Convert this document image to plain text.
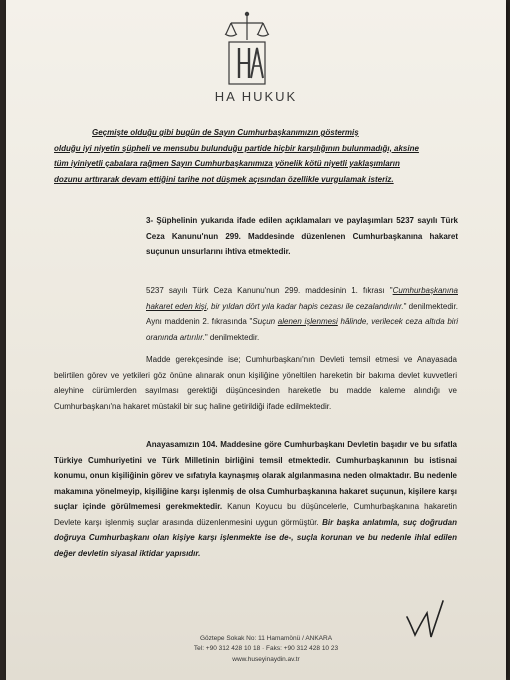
HA HUKUK

Geçmişte olduğu gibi bugün de Sayın Cumhurbaşkanımızın göstermiş
olduğu iyi niyetin şüpheli ve mensubu bulunduğu partide hiçbir karşılığının bulunmadığı, aksine
tüm iyiniyetli çabalara rağmen Sayın Cumhurbaşkanımıza yönelik kötü niyetli yaklaşımların
dozunu arttırarak devam ettiğini tarihe not düşmek açısından özellikle vurgulamak isteriz.

3- Şüphelinin yukarıda ifade edilen açıklamaları ve paylaşımları 5237 sayılı Türk Ceza Kanunu'nun 299. Maddesinde düzenlenen Cumhurbaşkanına hakaret suçunun unsurlarını ihtiva etmektedir.

5237 sayılı Türk Ceza Kanunu'nun 299. maddesinin 1. fıkrası "Cumhurbaşkanına hakaret eden kişi, bir yıldan dört yıla kadar hapis cezası ile cezalandırılır." denilmektedir. Aynı maddenin 2. fıkrasında "Suçun alenen işlenmesi hâlinde, verilecek ceza altıda biri oranında artırılır." denilmektedir.

Madde gerekçesinde ise; Cumhurbaşkanı'nın Devleti temsil etmesi ve Anayasada belirtilen görev ve yetkileri göz önüne alınarak onun kişiliğine yöneltilen hareketin bir bakıma devlet kuvvetleri aleyhine cürümlerden sayılması gerektiği düşüncesinden hareketle bu madde kaleme alındığı ve Cumhurbaşkanı'na hakaret müstakil bir suç haline getirildiği ifade edilmektedir.

Anayasamızın 104. Maddesine göre Cumhurbaşkanı Devletin başıdır ve bu sıfatla Türkiye Cumhuriyetini ve Türk Milletinin birliğini temsil etmektedir. Cumhurbaşkanının bu istisnai konumu, onun kişiliğinin görev ve sıfatıyla kaynaşmış olarak algılanmasına neden olmaktadır. Bu nedenle makamına yönelmeyip, kişiliğine karşı işlenmiş de olsa Cumhurbaşkanına hakaret suçunun, kişilere karşı suçlar içinde görülmemesi gerekmektedir. Kanun Koyucu bu düşüncelerle, Cumhurbaşkanına hakaretin Devlete karşı işlenmiş suçlar arasında düzenlenmesini uygun görmüştür. Bir başka anlatımla, suç doğrudan doğruya Cumhurbaşkanı olan kişiye karşı işlenmekte ise de-, suçla korunan ve bu nedenle ihlal edilen değer devletin siyasal iktidar yapısıdır.

Göztepe Sokak No: 11 Hamamönü / ANKARA
Tel: +90 312 428 10 18 · Faks: +90 312 428 10 23
www.huseyinaydin.av.tr
